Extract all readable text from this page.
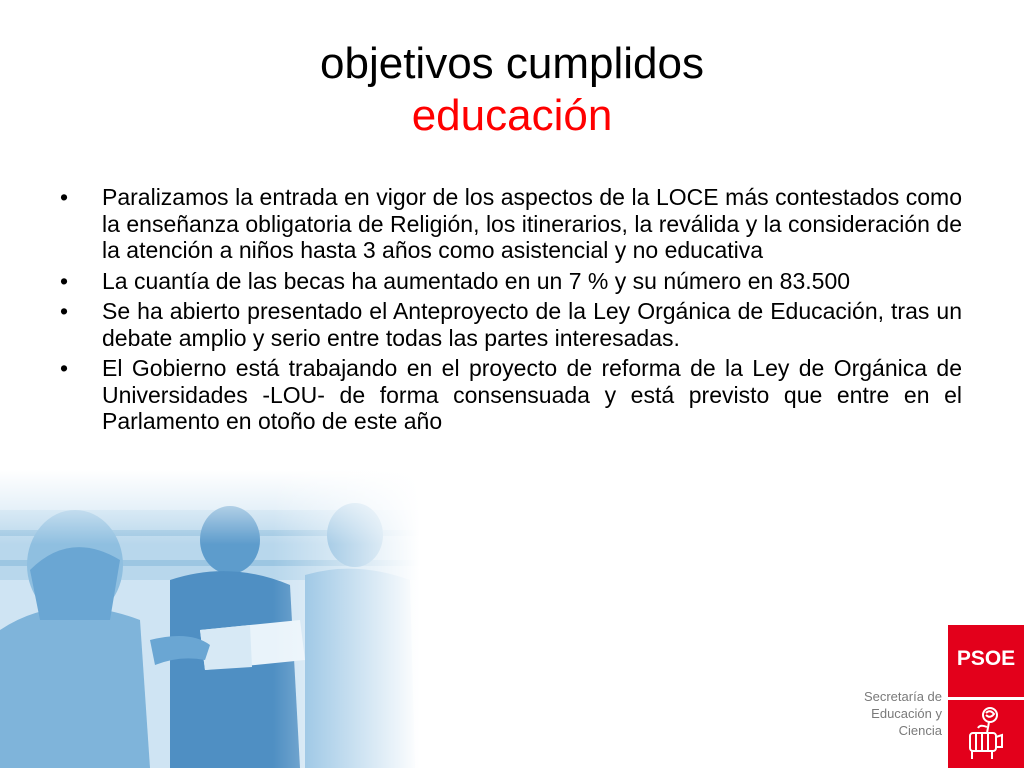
objetivos cumplidos
educación
• Paralizamos la entrada en vigor de los aspectos de la LOCE más contestados como la enseñanza obligatoria de Religión, los itinerarios, la reválida y la consideración de la atención a niños hasta 3 años como asistencial y no educativa
• La cuantía de las becas ha aumentado en un 7 % y su número en 83.500
• Se ha abierto presentado el Anteproyecto de la Ley Orgánica de Educación, tras un debate amplio y serio entre todas las partes interesadas.
• El Gobierno está trabajando en el proyecto de reforma de la Ley de Orgánica de Universidades -LOU- de forma consensuada y está previsto que entre en el Parlamento en otoño de este año
Secretaría de
Educación y
Ciencia
PSOE
